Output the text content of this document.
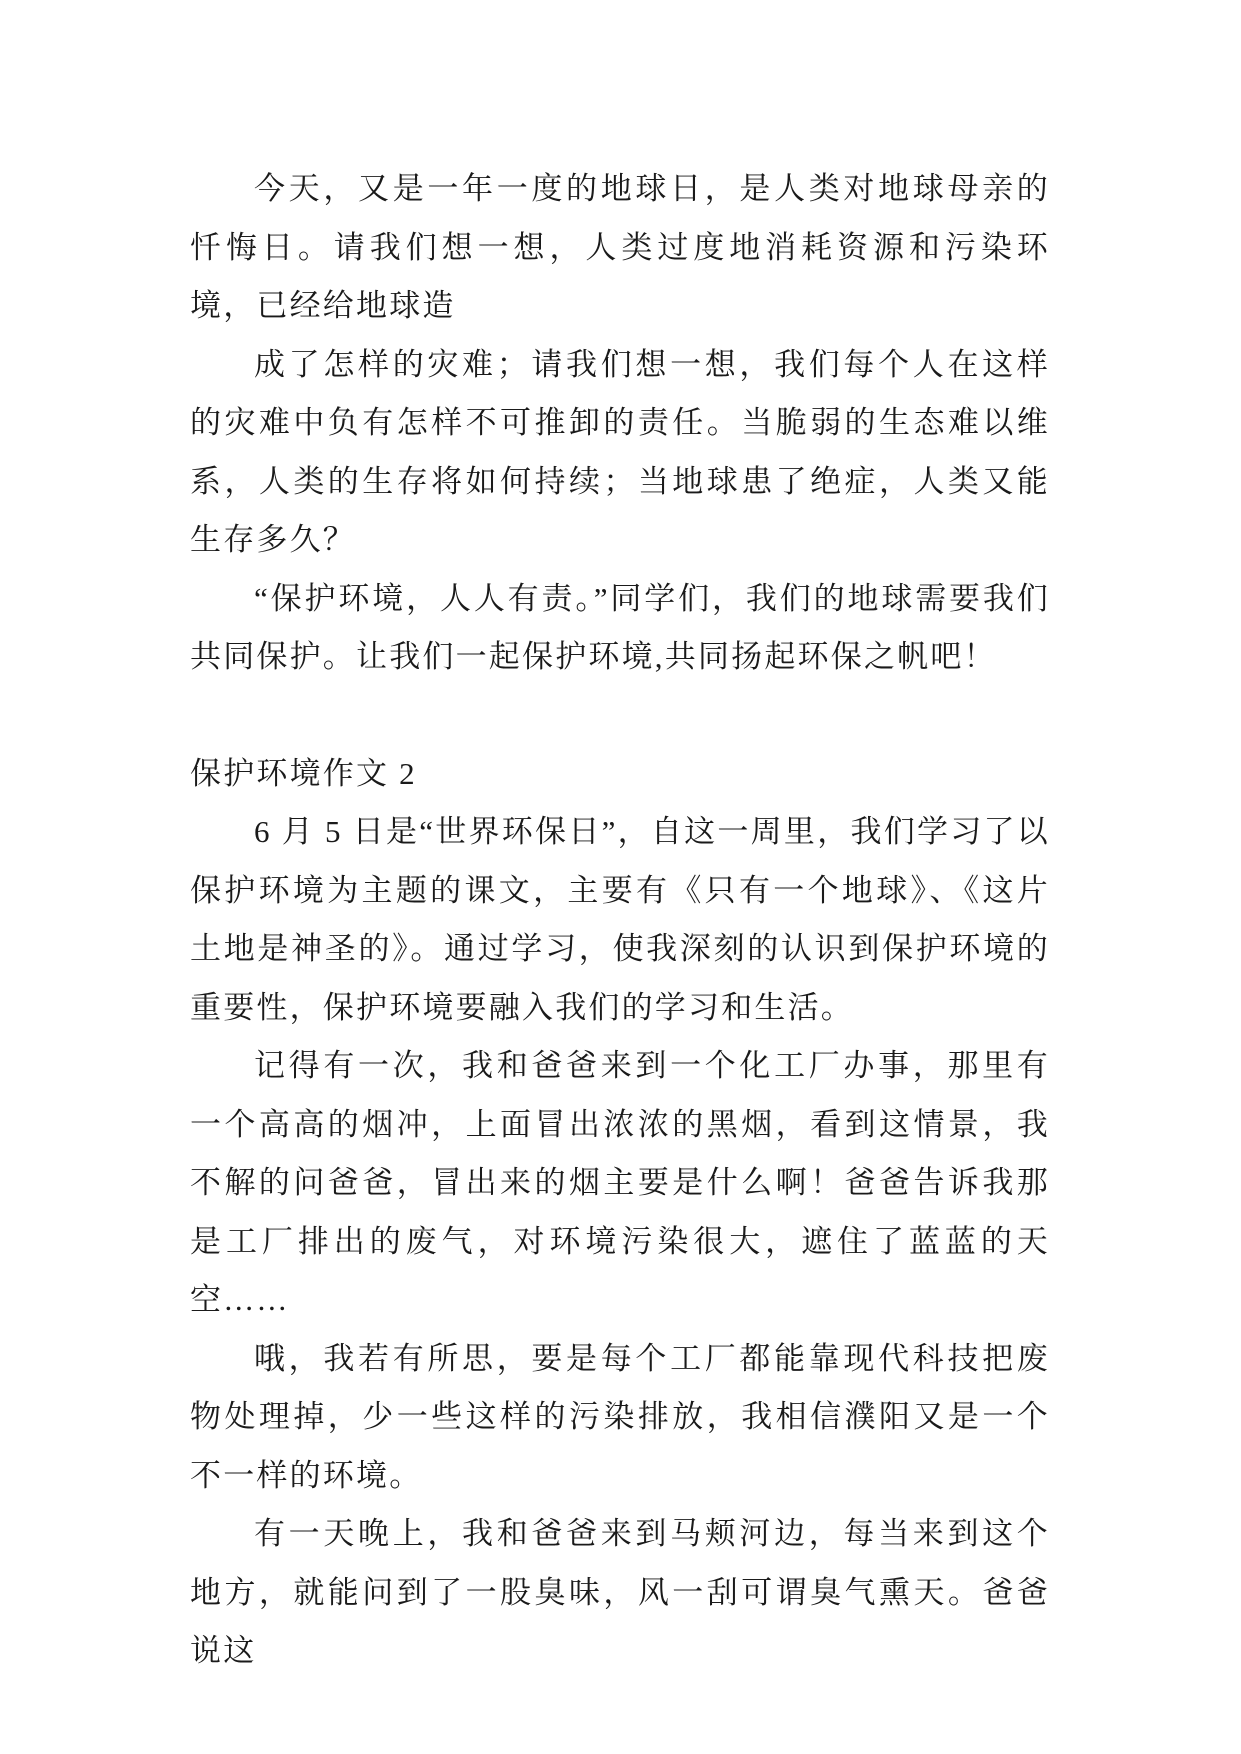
今天，又是一年一度的地球日，是人类对地球母亲的忏悔日。请我们想一想，人类过度地消耗资源和污染环境，已经给地球造

成了怎样的灾难；请我们想一想，我们每个人在这样的灾难中负有怎样不可推卸的责任。当脆弱的生态难以维系，人类的生存将如何持续；当地球患了绝症，人类又能生存多久？

“保护环境，人人有责。”同学们，我们的地球需要我们共同保护。让我们一起保护环境,共同扬起环保之帆吧！

保护环境作文 2

6 月 5 日是“世界环保日”，自这一周里，我们学习了以保护环境为主题的课文，主要有《只有一个地球》、《这片土地是神圣的》。通过学习，使我深刻的认识到保护环境的重要性，保护环境要融入我们的学习和生活。

记得有一次，我和爸爸来到一个化工厂办事，那里有一个高高的烟冲，上面冒出浓浓的黑烟，看到这情景，我不解的问爸爸，冒出来的烟主要是什么啊！爸爸告诉我那是工厂排出的废气，对环境污染很大，遮住了蓝蓝的天空……

哦，我若有所思，要是每个工厂都能靠现代科技把废物处理掉，少一些这样的污染排放，我相信濮阳又是一个不一样的环境。

有一天晚上，我和爸爸来到马颊河边，每当来到这个地方，就能问到了一股臭味，风一刮可谓臭气熏天。爸爸说这
